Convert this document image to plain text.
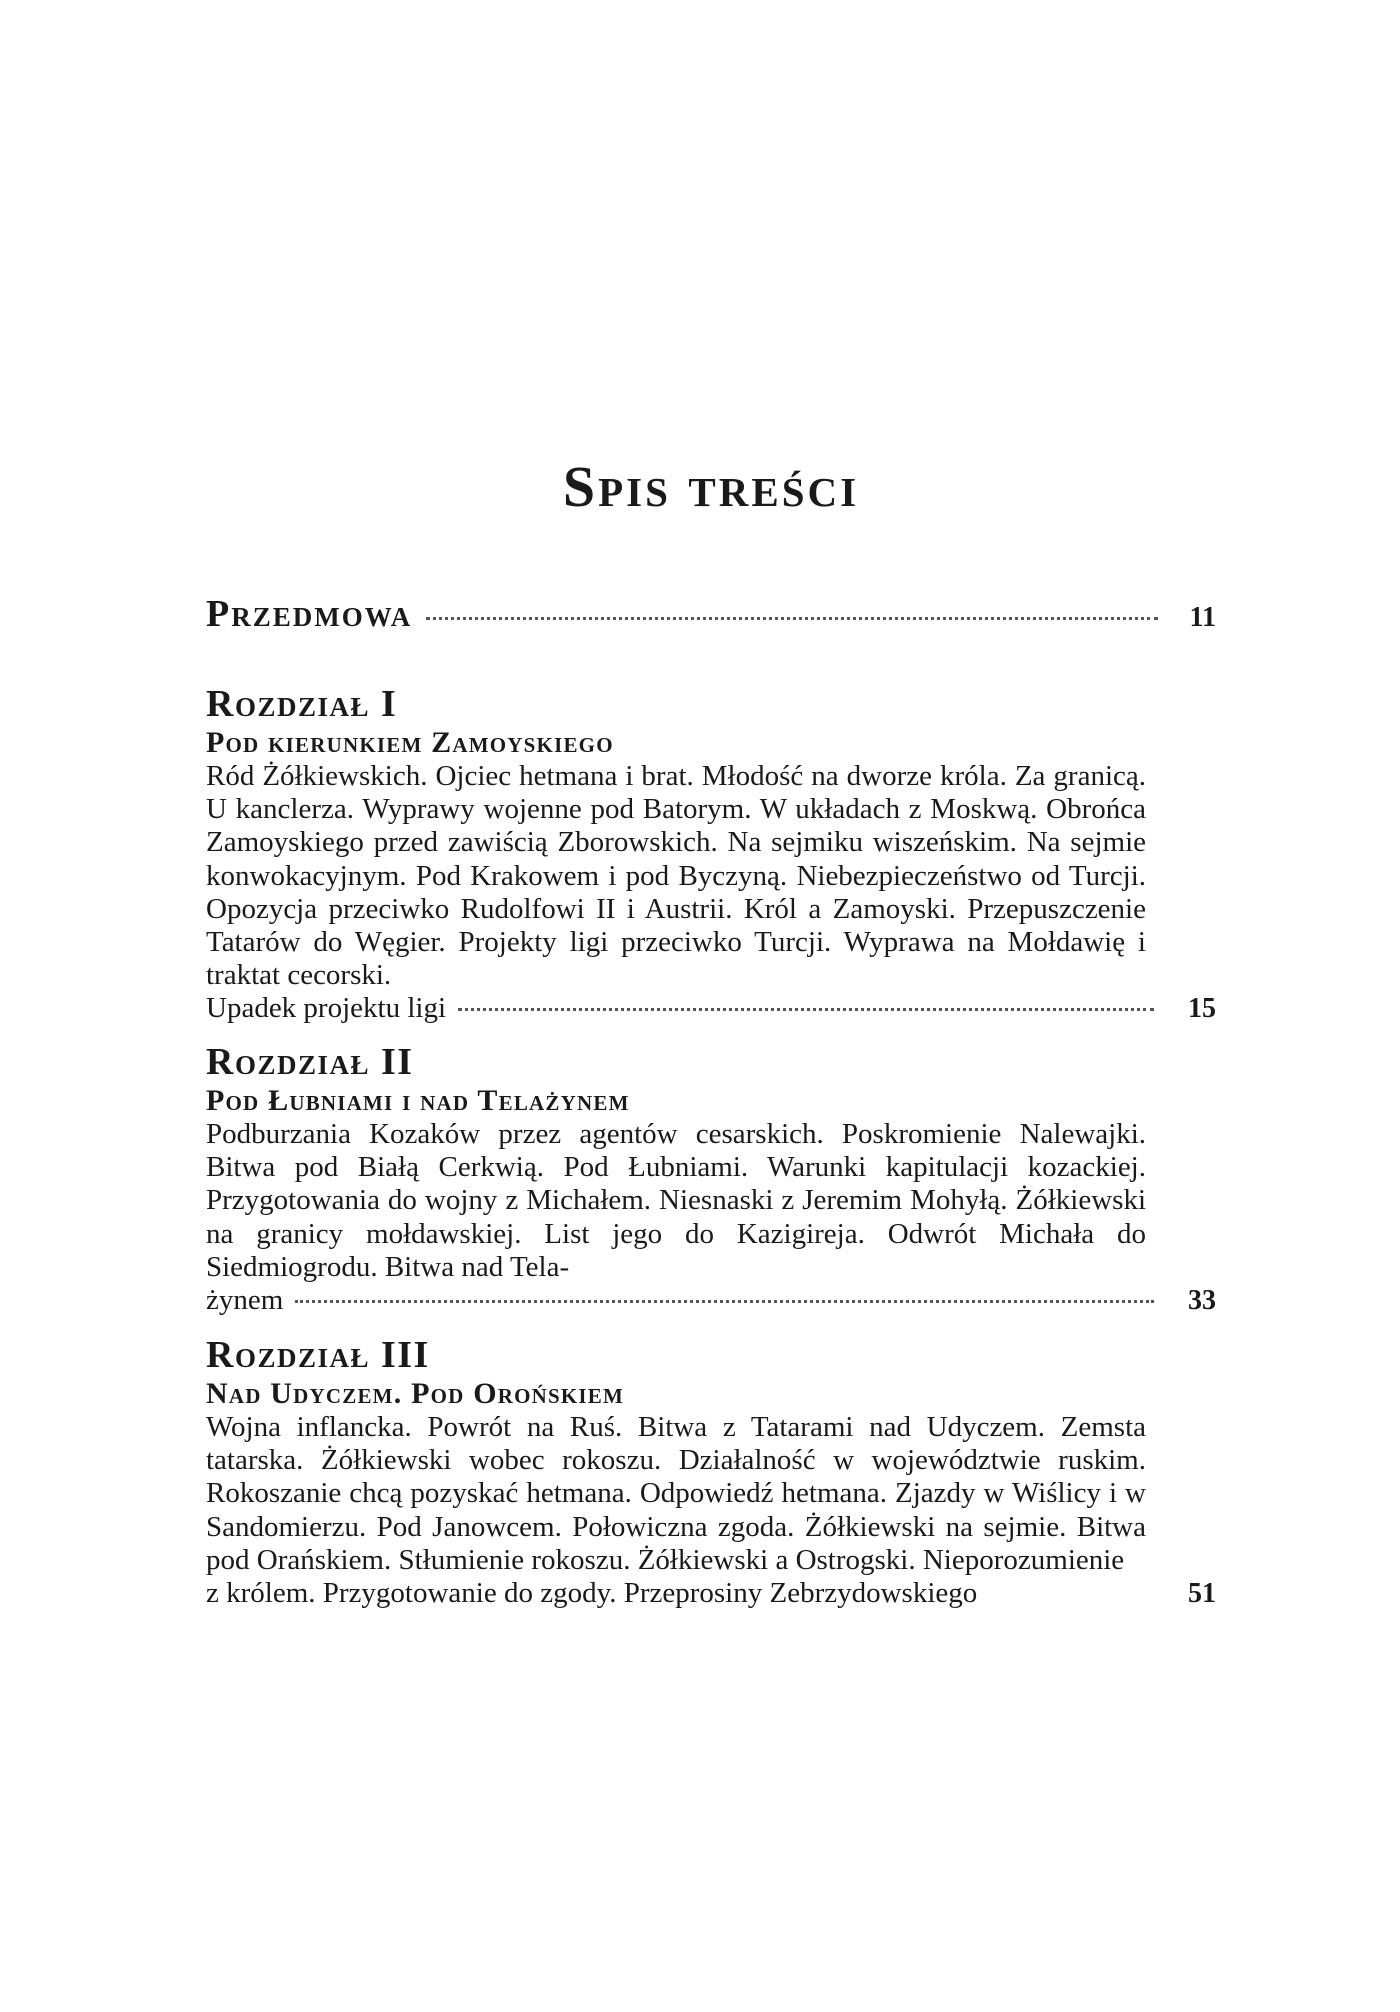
Spis treści
Przedmowa	11
Rozdział I
Pod kierunkiem Zamoyskiego
Ród Żółkiewskich. Ojciec hetmana i brat. Młodość na dworze króla. Za granicą. U kanclerza. Wyprawy wojenne pod Batorym. W układach z Moskwą. Obrońca Zamoyskiego przed zawiścią Zborowskich. Na sejmiku wiszeńskim. Na sejmie konwokacyjnym. Pod Krakowem i pod Byczyną. Niebezpieczeństwo od Turcji. Opozycja przeciwko Rudolfowi II i Austrii. Król a Zamoyski. Przepuszczenie Tatarów do Węgier. Projekty ligi przeciwko Turcji. Wyprawa na Mołdawię i traktat cecorski.
Upadek projektu ligi	15
Rozdział II
Pod Łubniami i nad Telażynem
Podburzania Kozaków przez agentów cesarskich. Poskromienie Nalewajki. Bitwa pod Białą Cerkwią. Pod Łubniami. Warunki kapitulacji kozackiej. Przygotowania do wojny z Michałem. Niesnaski z Jeremim Mohyłą. Żółkiewski na granicy mołdawskiej. List jego do Kazigireja. Odwrót Michała do Siedmiogrodu. Bitwa nad Tela-
żynem	33
Rozdział III
Nad Udyczem. Pod Orońskiem
Wojna inflancka. Powrót na Ruś. Bitwa z Tatarami nad Udyczem. Zemsta tatarska. Żółkiewski wobec rokoszu. Działalność w województwie ruskim. Rokoszanie chcą pozyskać hetmana. Odpowiedź hetmana. Zjazdy w Wiślicy i w Sandomierzu. Pod Janowcem. Połowiczna zgoda. Żółkiewski na sejmie. Bitwa pod Orańskiem. Stłumienie rokoszu. Żółkiewski a Ostrogski. Nieporozumienie
z królem. Przygotowanie do zgody. Przeprosiny Zebrzydowskiego	51
